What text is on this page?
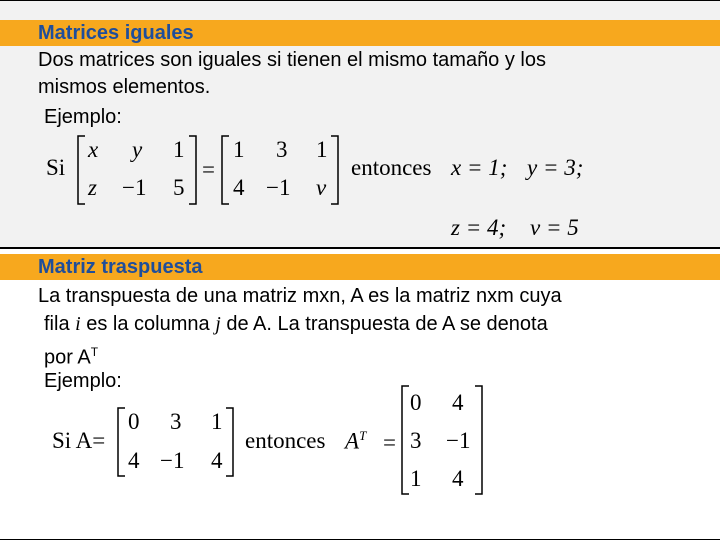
Matrices iguales
Dos matrices son iguales si tienen el mismo tamaño y los
mismos elementos.
Ejemplo:
Si
x y 1
z −1 5
=
1 3 1
4 −1 v
entonces x = 1; y = 3;
z = 4; v = 5
Matriz traspuesta
La transpuesta de una matriz mxn, A es la matriz nxm cuya
fila i es la columna j de A. La transpuesta de A se denota
por $A^T$
Ejemplo:
Si A=
0 3 1
4 −1 4
entonces $A^T$ =
0 4
3 −1
1 4
